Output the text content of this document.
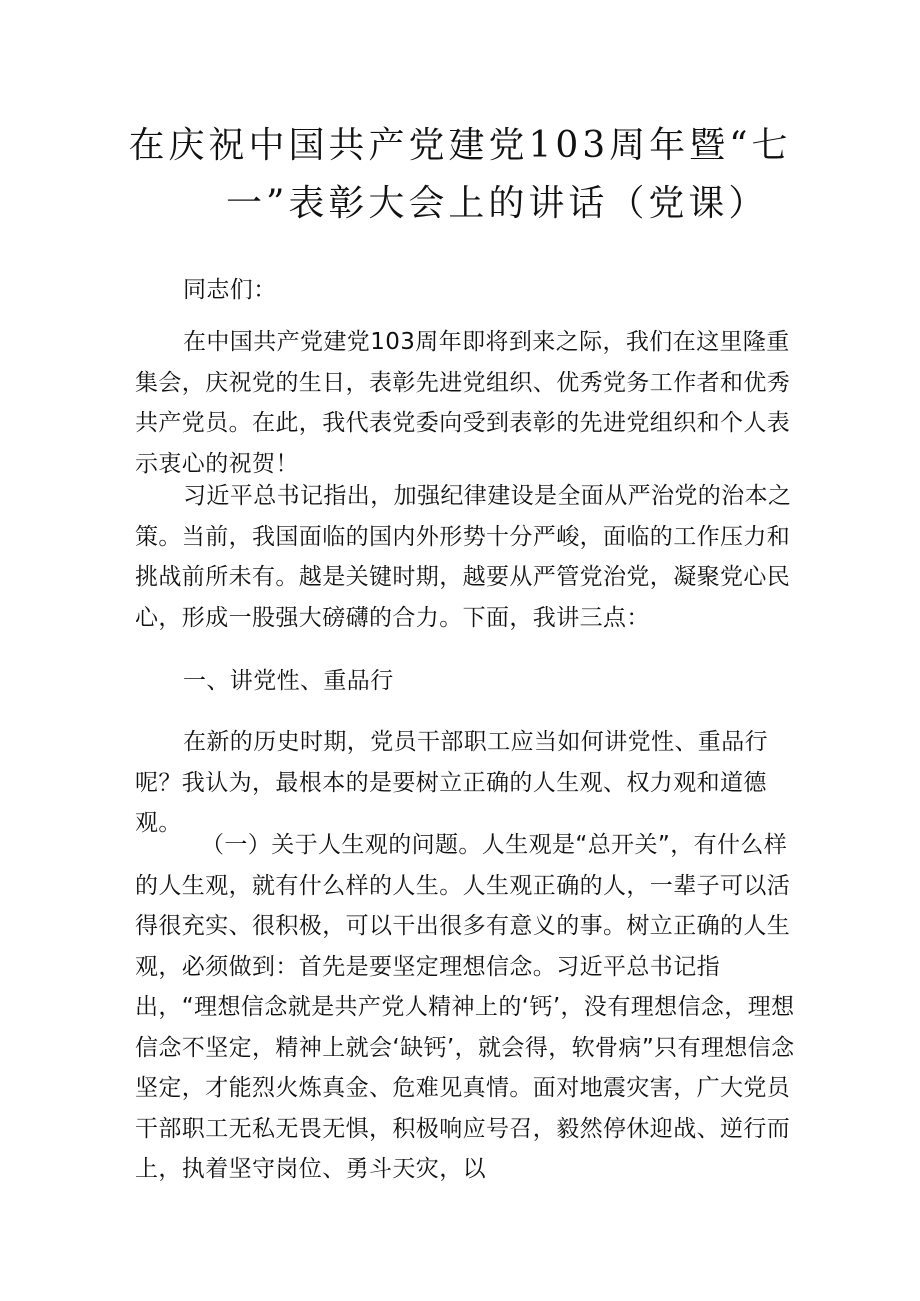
在庆祝中国共产党建党103周年暨“七
一”表彰大会上的讲话（党课）
同志们：
在中国共产党建党103周年即将到来之际，我们在这里隆重集会，庆祝党的生日，表彰先进党组织、优秀党务工作者和优秀共产党员。在此，我代表党委向受到表彰的先进党组织和个人表示衷心的祝贺！
习近平总书记指出，加强纪律建设是全面从严治党的治本之策。当前，我国面临的国内外形势十分严峻，面临的工作压力和挑战前所未有。越是关键时期，越要从严管党治党，凝聚党心民心，形成一股强大磅礴的合力。下面，我讲三点：
一、讲党性、重品行
在新的历史时期，党员干部职工应当如何讲党性、重品行呢？我认为，最根本的是要树立正确的人生观、权力观和道德观。
（一）关于人生观的问题。人生观是“总开关”，有什么样的人生观，就有什么样的人生。人生观正确的人，一辈子可以活得很充实、很积极，可以干出很多有意义的事。树立正确的人生观，必须做到：首先是要坚定理想信念。习近平总书记指出，“理想信念就是共产党人精神上的‘钙’，没有理想信念，理想信念不坚定，精神上就会‘缺钙’，就会得，软骨病”只有理想信念坚定，才能烈火炼真金、危难见真情。面对地震灾害，广大党员干部职工无私无畏无惧，积极响应号召，毅然停休迎战、逆行而上，执着坚守岗位、勇斗天灾，以
